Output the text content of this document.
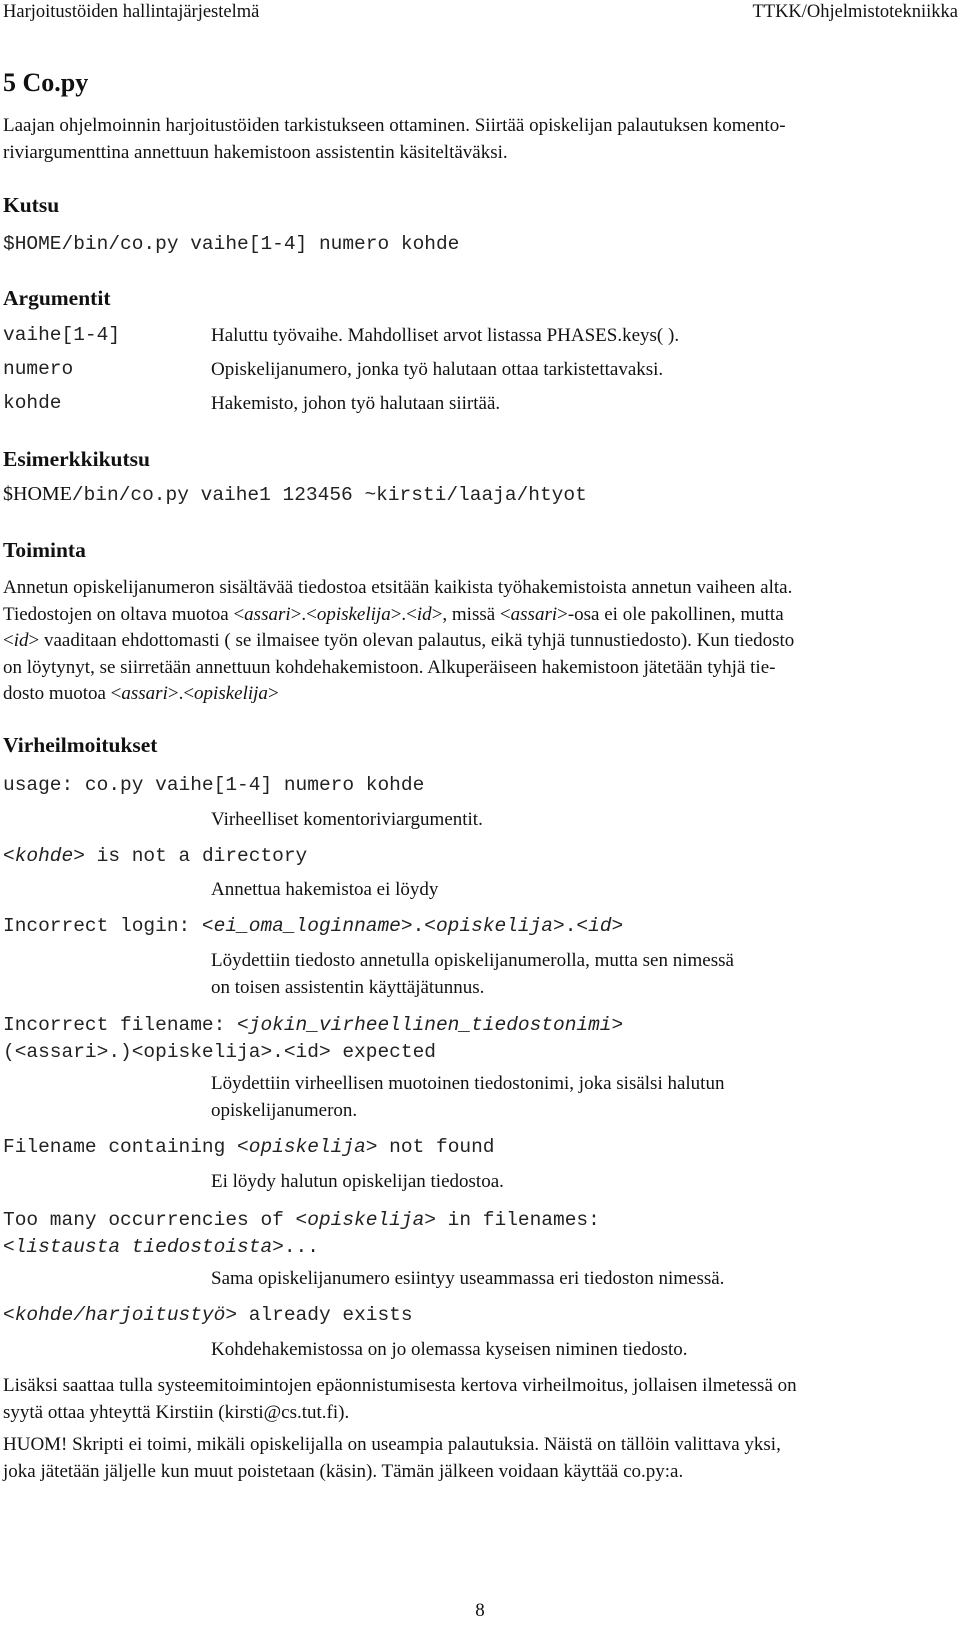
Harjoitustöiden hallintajärjestelmä	TTKK/Ohjelmistotekniikka
5 Co.py
Laajan ohjelmoinnin harjoitustöiden tarkistukseen ottaminen. Siirtää opiskelijan palautuksen komento-
riviargumenttina annettuun hakemistoon assistentin käsiteltäväksi.
Kutsu
$HOME/bin/co.py vaihe[1-4] numero kohde
Argumentit
vaihe[1-4]	Haluttu työvaihe. Mahdolliset arvot listassa PHASES.keys( ).
numero	Opiskelijanumero, jonka työ halutaan ottaa tarkistettavaksi.
kohde	Hakemisto, johon työ halutaan siirtää.
Esimerkkikutsu
$HOME/bin/co.py vaihe1 123456 ~kirsti/laaja/htyot
Toiminta
Annetun opiskelijanumeron sisältävää tiedostoa etsitään kaikista työhakemistoista annetun vaiheen alta.
Tiedostojen on oltava muotoa <assari>.<opiskelija>.<id>, missä <assari>-osa ei ole pakollinen, mutta
<id> vaaditaan ehdottomasti ( se ilmaisee työn olevan palautus, eikä tyhjä tunnustiedosto). Kun tiedosto
on löytynyt, se siirretään annettuun kohdehakemistoon. Alkuperäiseen hakemistoon jätetään tyhjä tie-
dosto muotoa <assari>.<opiskelija>
Virheilmoitukset
usage: co.py vaihe[1-4] numero kohde
Virheelliset komentoriviargumentit.
<kohde> is not a directory
Annettua hakemistoa ei löydy
Incorrect login: <ei_oma_loginname>.<opiskelija>.<id>
Löydettiin tiedosto annetulla opiskelijanumerolla, mutta sen nimessä
on toisen assistentin käyttäjätunnus.
Incorrect filename: <jokin_virheellinen_tiedostonimi>
(<assari>.)<opiskelija>.<id> expected
Löydettiin virheellisen muotoinen tiedostonimi, joka sisälsi halutun
opiskelijanumeron.
Filename containing <opiskelija> not found
Ei löydy halutun opiskelijan tiedostoa.
Too many occurrencies of <opiskelija> in filenames:
<listausta tiedostoista>...
Sama opiskelijanumero esiintyy useammassa eri tiedoston nimessä.
<kohde/harjoitustyö> already exists
Kohdehakemistossa on jo olemassa kyseisen niminen tiedosto.
Lisäksi saattaa tulla systeemitoimintojen epäonnistumisesta kertova virheilmoitus, jollaisen ilmetessä on
syytä ottaa yhteyttä Kirstiin (kirsti@cs.tut.fi).
HUOM! Skripti ei toimi, mikäli opiskelijalla on useampia palautuksia. Näistä on tällöin valittava yksi,
joka jätetään jäljelle kun muut poistetaan (käsin). Tämän jälkeen voidaan käyttää co.py:a.
8
